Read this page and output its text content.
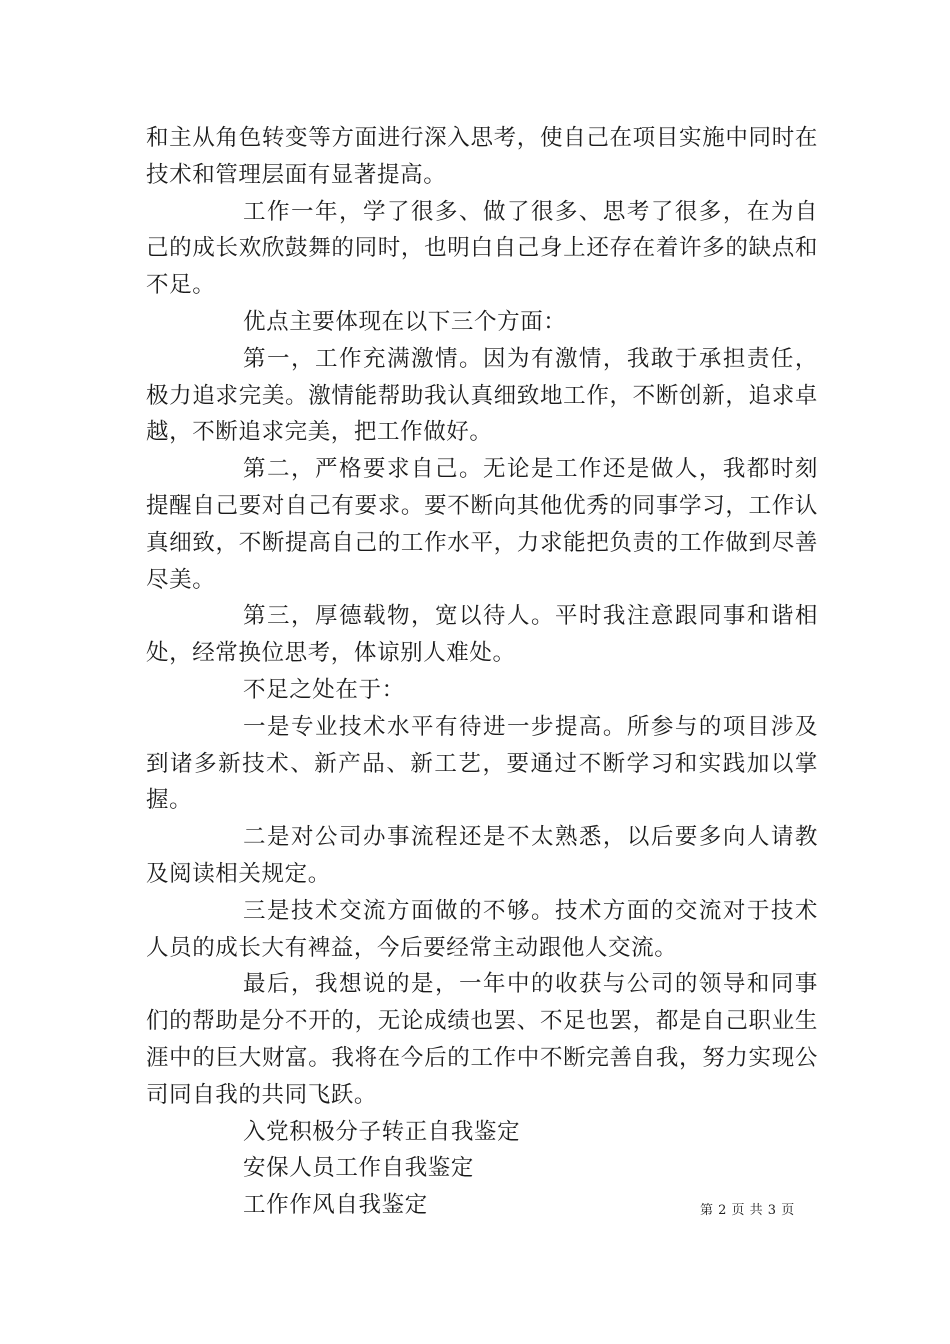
和主从角色转变等方面进行深入思考，使自己在项目实施中同时在技术和管理层面有显著提高。

工作一年，学了很多、做了很多、思考了很多，在为自己的成长欢欣鼓舞的同时，也明白自己身上还存在着许多的缺点和不足。

优点主要体现在以下三个方面：

第一，工作充满激情。因为有激情，我敢于承担责任，极力追求完美。激情能帮助我认真细致地工作，不断创新，追求卓越，不断追求完美，把工作做好。

第二，严格要求自己。无论是工作还是做人，我都时刻提醒自己要对自己有要求。要不断向其他优秀的同事学习，工作认真细致，不断提高自己的工作水平，力求能把负责的工作做到尽善尽美。

第三，厚德载物，宽以待人。平时我注意跟同事和谐相处，经常换位思考，体谅别人难处。

不足之处在于：

一是专业技术水平有待进一步提高。所参与的项目涉及到诸多新技术、新产品、新工艺，要通过不断学习和实践加以掌握。

二是对公司办事流程还是不太熟悉，以后要多向人请教及阅读相关规定。

三是技术交流方面做的不够。技术方面的交流对于技术人员的成长大有裨益，今后要经常主动跟他人交流。

最后，我想说的是，一年中的收获与公司的领导和同事们的帮助是分不开的，无论成绩也罢、不足也罢，都是自己职业生涯中的巨大财富。我将在今后的工作中不断完善自我，努力实现公司同自我的共同飞跃。

入党积极分子转正自我鉴定

安保人员工作自我鉴定

工作作风自我鉴定	第 2 页 共 3 页
